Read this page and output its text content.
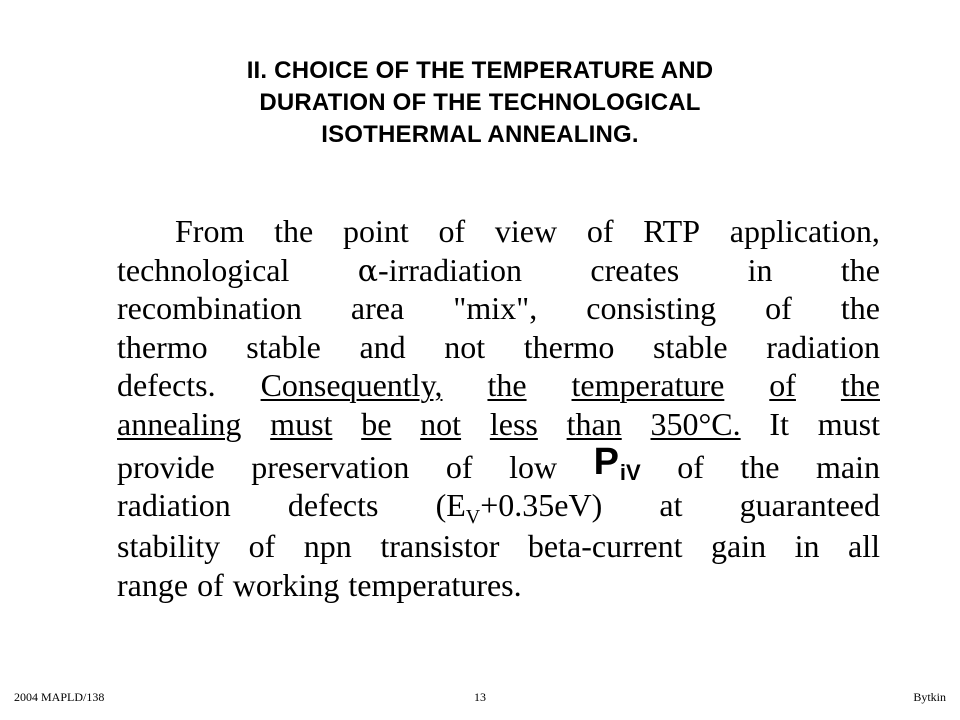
II. CHOICE OF THE TEMPERATURE AND
DURATION OF THE TECHNOLOGICAL
ISOTHERMAL ANNEALING.
From the point of view of RTP application,
technological α-irradiation creates in the
recombination area "mix", consisting of the
thermo stable and not thermo stable radiation
defects. Consequently, the temperature of the
annealing must be not less than 350°C. It must
provide preservation of low PiV of the main
radiation defects $(E_V+0.35eV)$ at guaranteed
stability of npn transistor beta-current gain in all
range of working temperatures.
2004 MAPLD/138	13	Bytkin
